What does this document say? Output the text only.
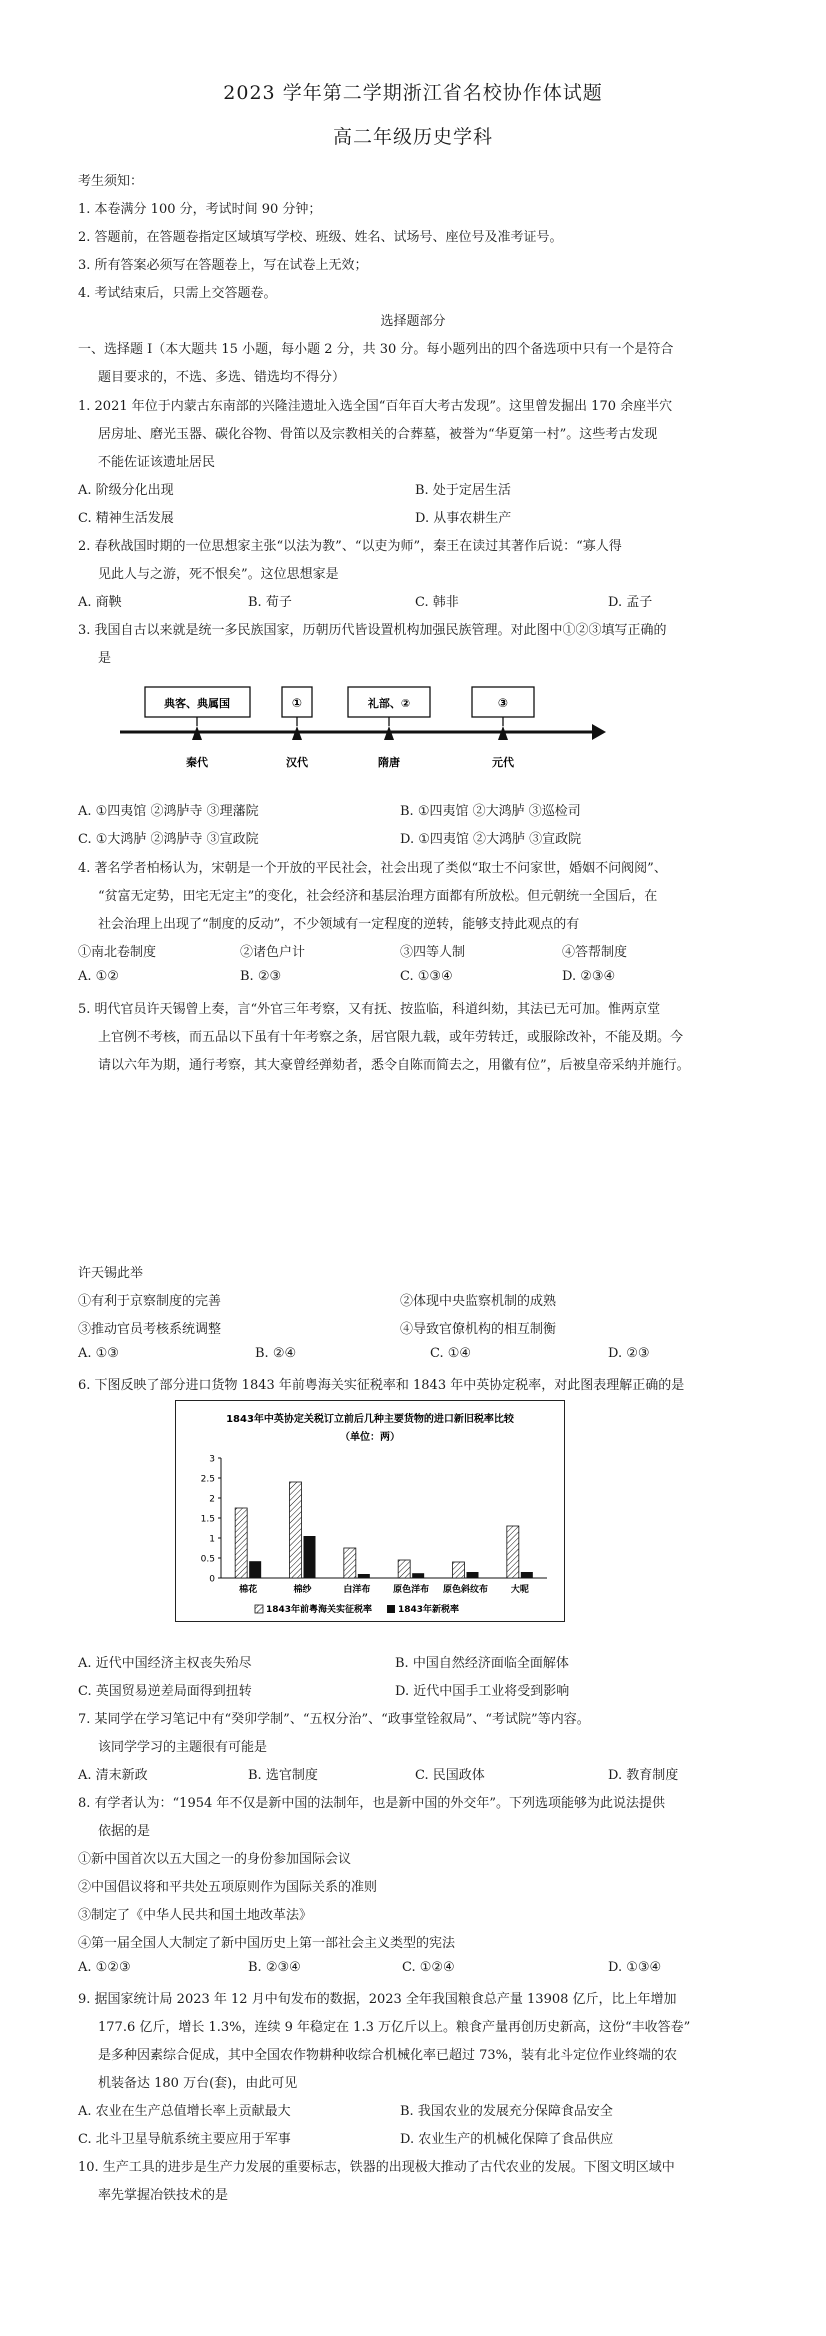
2023 学年第二学期浙江省名校协作体试题
高二年级历史学科
考生须知：
1. 本卷满分 100 分，考试时间 90 分钟；
2. 答题前，在答题卷指定区域填写学校、班级、姓名、试场号、座位号及准考证号。
3. 所有答案必须写在答题卷上，写在试卷上无效；
4. 考试结束后，只需上交答题卷。
选择题部分
一、选择题 Ⅰ（本大题共 15 小题，每小题 2 分，共 30 分。每小题列出的四个备选项中只有一个是符合
题目要求的，不选、多选、错选均不得分）
1. 2021 年位于内蒙古东南部的兴隆洼遗址入选全国“百年百大考古发现”。这里曾发掘出 170 余座半穴
居房址、磨光玉器、碳化谷物、骨笛以及宗教相关的合葬墓，被誉为“华夏第一村”。这些考古发现
不能佐证该遗址居民
A. 阶级分化出现	B. 处于定居生活
C. 精神生活发展	D. 从事农耕生产
2. 春秋战国时期的一位思想家主张“以法为教”、“以吏为师”，秦王在读过其著作后说：“寡人得
见此人与之游，死不恨矣”。这位思想家是
A. 商鞅	B. 荀子	C. 韩非	D. 孟子
3. 我国自古以来就是统一多民族国家，历朝历代皆设置机构加强民族管理。对此图中①②③填写正确的
是
典客、典属国
秦代
①
汉代
礼部、②
隋唐
③
元代
A. ①四夷馆 ②鸿胪寺 ③理藩院	B. ①四夷馆 ②大鸿胪 ③巡检司
C. ①大鸿胪 ②鸿胪寺 ③宣政院	D. ①四夷馆 ②大鸿胪 ③宣政院
4. 著名学者柏杨认为，宋朝是一个开放的平民社会，社会出现了类似“取士不问家世，婚姻不问阀阅”、
“贫富无定势，田宅无定主”的变化，社会经济和基层治理方面都有所放松。但元朝统一全国后，在
社会治理上出现了“制度的反动”，不少领域有一定程度的逆转，能够支持此观点的有
①南北卷制度	②诸色户计	③四等人制	④答帮制度
A. ①②	B. ②③	C. ①③④	D. ②③④
5. 明代官员许天锡曾上奏，言“外官三年考察，又有抚、按监临，科道纠劾，其法已无可加。惟两京堂
上官例不考核，而五品以下虽有十年考察之条，居官限九载，或年劳转迁，或服除改补，不能及期。今
请以六年为期，通行考察，其大豪曾经弹劾者，悉令自陈而简去之，用徽有位”，后被皇帝采纳并施行。
许天锡此举
①有利于京察制度的完善	②体现中央监察机制的成熟
③推动官员考核系统调整	④导致官僚机构的相互制衡
A. ①③	B. ②④	C. ①④	D. ②③
6. 下图反映了部分进口货物 1843 年前粤海关实征税率和 1843 年中英协定税率，对此图表理解正确的是
1843年中英协定关税订立前后几种主要货物的进口新旧税率比较
（单位：两）
0
0.5
1
1.5
2
2.5
3
棉花	棉纱	白洋布	原色洋布 原色斜纹布	大呢
1843年前粤海关实征税率	1843年新税率
A. 近代中国经济主权丧失殆尽	B. 中国自然经济面临全面解体
C. 英国贸易逆差局面得到扭转	D. 近代中国手工业将受到影响
7. 某同学在学习笔记中有“癸卯学制”、“五权分治”、“政事堂铨叙局”、“考试院”等内容。
该同学学习的主题很有可能是
A. 清末新政	B. 选官制度	C. 民国政体	D. 教育制度
8. 有学者认为：“1954 年不仅是新中国的法制年，也是新中国的外交年”。下列选项能够为此说法提供
依据的是
①新中国首次以五大国之一的身份参加国际会议
②中国倡议将和平共处五项原则作为国际关系的准则
③制定了《中华人民共和国土地改革法》
④第一届全国人大制定了新中国历史上第一部社会主义类型的宪法
A. ①②③	B. ②③④	C. ①②④	D. ①③④
9. 据国家统计局 2023 年 12 月中旬发布的数据，2023 全年我国粮食总产量 13908 亿斤，比上年增加
177.6 亿斤，增长 1.3%，连续 9 年稳定在 1.3 万亿斤以上。粮食产量再创历史新高，这份“丰收答卷”
是多种因素综合促成，其中全国农作物耕种收综合机械化率已超过 73%，装有北斗定位作业终端的农
机装备达 180 万台(套)，由此可见
A. 农业在生产总值增长率上贡献最大	B. 我国农业的发展充分保障食品安全
C. 北斗卫星导航系统主要应用于军事	D. 农业生产的机械化保障了食品供应
10. 生产工具的进步是生产力发展的重要标志，铁器的出现极大推动了古代农业的发展。下图文明区域中
率先掌握冶铁技术的是
